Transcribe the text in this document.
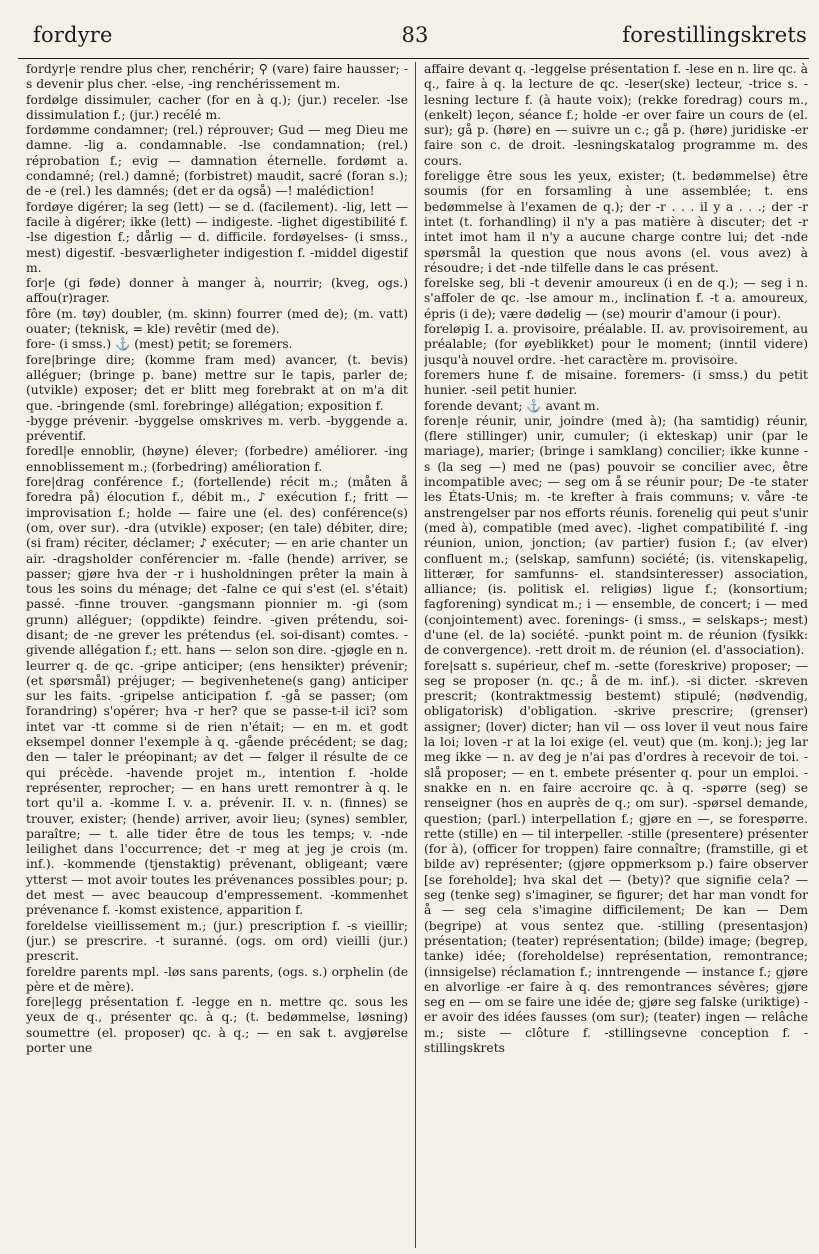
fordyre	83	forestillingskrets

fordyr|e rendre plus cher, renchérir; ⚲ (vare) faire hausser; -s devenir plus cher. -else, -ing renchérissement m.

fordølge dissimuler, cacher (for en à q.); (jur.) receler. -lse dissimulation f.; (jur.) recélé m.

fordømme condamner; (rel.) réprouver; Gud — meg Dieu me damne. -lig a. condamnable. -lse condamnation; (rel.) réprobation f.; evig — damnation éternelle. fordømt a. condamné; (rel.) damné; (forbistret) maudit, sacré (foran s.); de -e (rel.) les damnés; (det er da også) —! malédiction!

fordøye digérer; la seg (lett) — se d. (facilement). -lig, lett — facile à digérer; ikke (lett) — indigeste. -lighet digestibilité f. -lse digestion f.; dårlig — d. difficile. fordøyelses- (i smss., mest) digestif. -besværligheter indigestion f. -middel digestif m.

for|e (gi føde) donner à manger à, nourrir; (kveg, ogs.) affou(r)rager.

fôre (m. tøy) doubler, (m. skinn) fourrer (med de); (m. vatt) ouater; (teknisk, = kle) revêtir (med de).

fore- (i smss.) ⚓ (mest) petit; se foremers.

fore|bringe dire; (komme fram med) avancer, (t. bevis) alléguer; (bringe p. bane) mettre sur le tapis, parler de; (utvikle) exposer; det er blitt meg forebrakt at on m'a dit que. -bringende (sml. forebringe) allégation; exposition f.

-bygge prévenir. -byggelse omskrives m. verb. -byggende a. préventif.

foredl|e ennoblir, (høyne) élever; (forbedre) améliorer. -ing ennoblissement m.; (forbedring) amélioration f.

fore|drag conférence f.; (fortellende) récit m.; (måten å foredra på) élocution f., débit m., ♪ exécution f.; fritt — improvisation f.; holde — faire une (el. des) conférence(s) (om, over sur). -dra (utvikle) exposer; (en tale) débiter, dire; (si fram) réciter, déclamer; ♪ exécuter; — en arie chanter un air. -dragsholder conférencier m. -falle (hende) arriver, se passer; gjøre hva der -r i husholdningen prêter la main à tous les soins du ménage; det -falne ce qui s'est (el. s'était) passé. -finne trouver. -gangsmann pionnier m. -gi (som grunn) alléguer; (oppdikte) feindre. -given prétendu, soi-disant; de -ne grever les prétendus (el. soi-disant) comtes. -givende allégation f.; ett. hans — selon son dire. -gjøgle en n. leurrer q. de qc. -gripe anticiper; (ens hensikter) prévenir; (et spørsmål) préjuger; — begivenhetene(s gang) anticiper sur les faits. -gripelse anticipation f. -gå se passer; (om forandring) s'opérer; hva -r her? que se passe-t-il ici? som intet var -tt comme si de rien n'était; — en m. et godt eksempel donner l'exemple à q. -gående précédent; se dag; den — taler le préopinant; av det — følger il résulte de ce qui précède. -havende projet m., intention f. -holde représenter, reprocher; — en hans urett remontrer à q. le tort qu'il a. -komme I. v. a. prévenir. II. v. n. (finnes) se trouver, exister; (hende) arriver, avoir lieu; (synes) sembler, paraître; — t. alle tider être de tous les temps; v. -nde leilighet dans l'occurrence; det -r meg at jeg je crois (m. inf.). -kommende (tjenstaktig) prévenant, obligeant; være ytterst — mot avoir toutes les prévenances possibles pour; p. det mest — avec beaucoup d'empressement. -kommenhet prévenance f. -komst existence, apparition f.

foreldelse vieillissement m.; (jur.) prescription f. -s vieillir; (jur.) se prescrire. -t suranné. (ogs. om ord) vieilli (jur.) prescrit.

foreldre parents mpl. -løs sans parents, (ogs. s.) orphelin (de père et de mère).

fore|legg présentation f. -legge en n. mettre qc. sous les yeux de q., présenter qc. à q.; (t. bedømmelse, løsning) soumettre (el. proposer) qc. à q.; — en sak t. avgjørelse porter une

affaire devant q. -leggelse présentation f. -lese en n. lire qc. à q., faire à q. la lecture de qc. -leser(ske) lecteur, -trice s. -lesning lecture f. (à haute voix); (rekke foredrag) cours m., (enkelt) leçon, séance f.; holde -er over faire un cours de (el. sur); gå p. (høre) en — suivre un c.; gå p. (høre) juridiske -er faire son c. de droit. -lesningskatalog programme m. des cours.

foreligge être sous les yeux, exister; (t. bedømmelse) être soumis (for en forsamling à une assemblée; t. ens bedømmelse à l'examen de q.); der -r . . . il y a . . .; der -r intet (t. forhandling) il n'y a pas matière à discuter; det -r intet imot ham il n'y a aucune charge contre lui; det -nde spørsmål la question que nous avons (el. vous avez) à résoudre; i det -nde tilfelle dans le cas présent.

forelske seg, bli -t devenir amoureux (i en de q.); — seg i n. s'affoler de qc. -lse amour m., inclination f. -t a. amoureux, épris (i de); være dødelig — (se) mourir d'amour (i pour).

foreløpig I. a. provisoire, préalable. II. av. provisoirement, au préalable; (for øyeblikket) pour le moment; (inntil videre) jusqu'à nouvel ordre. -het caractère m. provisoire.

foremers hune f. de misaine. foremers- (i smss.) du petit hunier. -seil petit hunier.

forende devant; ⚓ avant m.

foren|e réunir, unir, joindre (med à); (ha samtidig) réunir, (flere stillinger) unir, cumuler; (i ekteskap) unir (par le mariage), marier; (bringe i samklang) concilier; ikke kunne -s (la seg —) med ne (pas) pouvoir se concilier avec, être incompatible avec; — seg om å se réunir pour; De -te stater les États-Unis; m. -te krefter à frais communs; v. våre -te anstrengelser par nos efforts réunis. forenelig qui peut s'unir (med à), compatible (med avec). -lighet compatibilité f. -ing réunion, union, jonction; (av partier) fusion f.; (av elver) confluent m.; (selskap, samfunn) société; (is. vitenskapelig, litterær, for samfunns- el. standsinteresser) association, alliance; (is. politisk el. religiøs) ligue f.; (konsortium; fagforening) syndicat m.; i — ensemble, de concert; i — med (conjointement) avec. forenings- (i smss., = selskaps-; mest) d'une (el. de la) société. -punkt point m. de réunion (fysikk: de convergence). -rett droit m. de réunion (el. d'association).

fore|satt s. supérieur, chef m. -sette (foreskrive) proposer; — seg se proposer (n. qc.; å de m. inf.). -si dicter. -skreven prescrit; (kontraktmessig bestemt) stipulé; (nødvendig, obligatorisk) d'obligation. -skrive prescrire; (grenser) assigner; (lover) dicter; han vil — oss lover il veut nous faire la loi; loven -r at la loi exige (el. veut) que (m. konj.); jeg lar meg ikke — n. av deg je n'ai pas d'ordres à recevoir de toi. -slå proposer; — en t. embete présenter q. pour un emploi. -snakke en n. en faire accroire qc. à q. -spørre (seg) se renseigner (hos en auprès de q.; om sur). -spørsel demande, question; (parl.) interpellation f.; gjøre en —, se forespørre. rette (stille) en — til interpeller. -stille (presentere) présenter (for à), (officer for troppen) faire connaître; (framstille, gi et bilde av) représenter; (gjøre oppmerksom p.) faire observer [se foreholde]; hva skal det — (bety)? que signifie cela? — seg (tenke seg) s'imaginer, se figurer; det har man vondt for å — seg cela s'imagine difficilement; De kan — Dem (begripe) at vous sentez que. -stilling (presentasjon) présentation; (teater) représentation; (bilde) image; (begrep, tanke) idée; (foreholdelse) représentation, remontrance; (innsigelse) réclamation f.; inntrengende — instance f.; gjøre en alvorlige -er faire à q. des remontrances sévères; gjøre seg en — om se faire une idée de; gjøre seg falske (uriktige) -er avoir des idées fausses (om sur); (teater) ingen — relâche m.; siste — clôture f. -stillingsevne conception f. -stillingskrets
